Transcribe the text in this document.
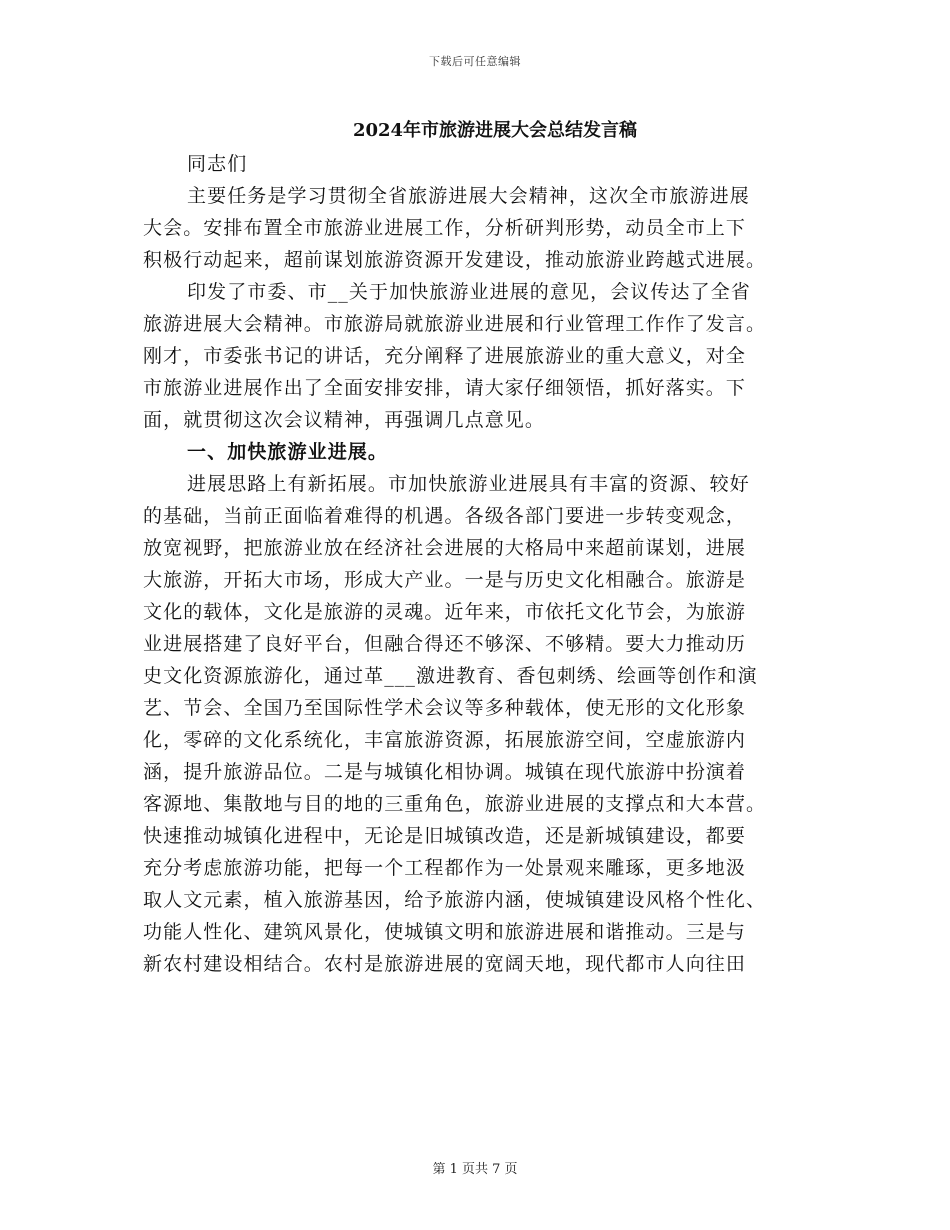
下载后可任意编辑
2024年市旅游进展大会总结发言稿
同志们
主要任务是学习贯彻全省旅游进展大会精神，这次全市旅游进展
大会。安排布置全市旅游业进展工作，分析研判形势，动员全市上下
积极行动起来，超前谋划旅游资源开发建设，推动旅游业跨越式进展。
印发了市委、市__关于加快旅游业进展的意见，会议传达了全省
旅游进展大会精神。市旅游局就旅游业进展和行业管理工作作了发言。
刚才，市委张书记的讲话，充分阐释了进展旅游业的重大意义，对全
市旅游业进展作出了全面安排安排，请大家仔细领悟，抓好落实。下
面，就贯彻这次会议精神，再强调几点意见。
一、加快旅游业进展。
进展思路上有新拓展。市加快旅游业进展具有丰富的资源、较好
的基础，当前正面临着难得的机遇。各级各部门要进一步转变观念，
放宽视野，把旅游业放在经济社会进展的大格局中来超前谋划，进展
大旅游，开拓大市场，形成大产业。一是与历史文化相融合。旅游是
文化的载体，文化是旅游的灵魂。近年来，市依托文化节会，为旅游
业进展搭建了良好平台，但融合得还不够深、不够精。要大力推动历
史文化资源旅游化，通过革___激进教育、香包刺绣、绘画等创作和演
艺、节会、全国乃至国际性学术会议等多种载体，使无形的文化形象
化，零碎的文化系统化，丰富旅游资源，拓展旅游空间，空虚旅游内
涵，提升旅游品位。二是与城镇化相协调。城镇在现代旅游中扮演着
客源地、集散地与目的地的三重角色，旅游业进展的支撑点和大本营。
快速推动城镇化进程中，无论是旧城镇改造，还是新城镇建设，都要
充分考虑旅游功能，把每一个工程都作为一处景观来雕琢，更多地汲
取人文元素，植入旅游基因，给予旅游内涵，使城镇建设风格个性化、
功能人性化、建筑风景化，使城镇文明和旅游进展和谐推动。三是与
新农村建设相结合。农村是旅游进展的宽阔天地，现代都市人向往田
第 1 页共 7 页
